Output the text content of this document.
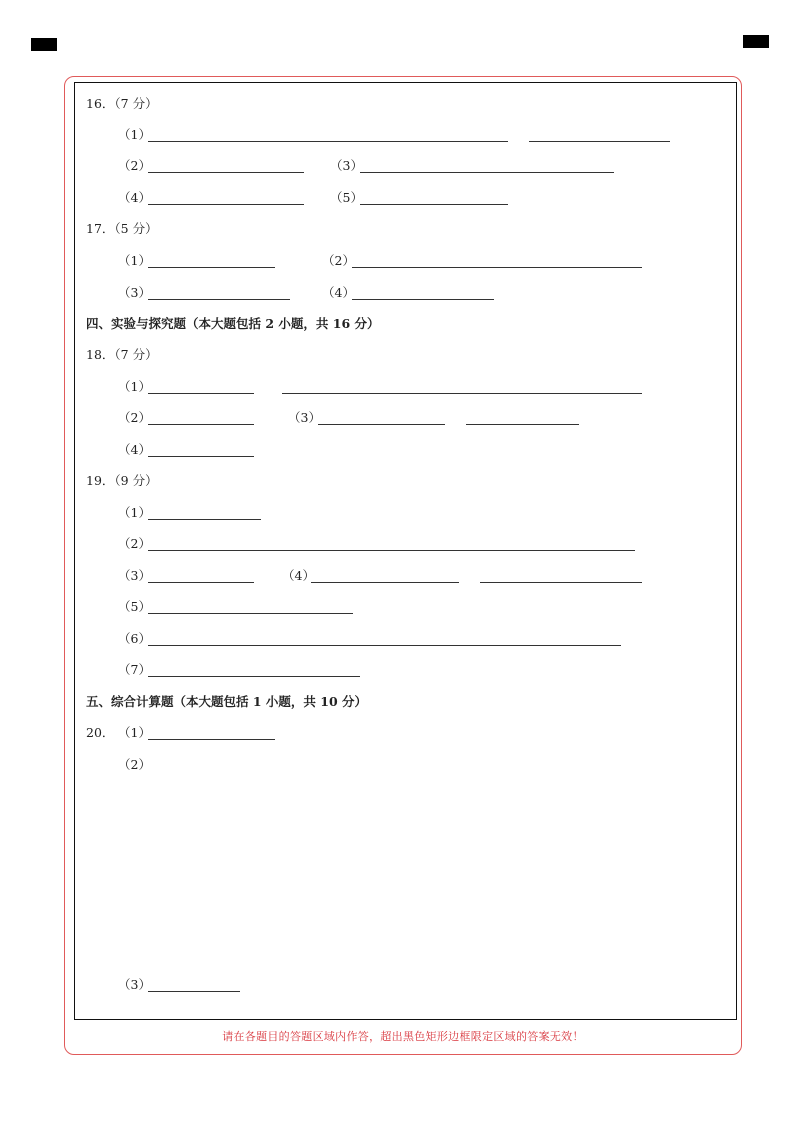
16．（7 分）
（1）
（2）	（3）
（4）	（5）
17．（5 分）
（1）	（2）
（3）	（4）
四、实验与探究题（本大题包括 2 小题，共 16 分）
18．（7 分）
（1）
（2）	（3）
（4）
19．（9 分）
（1）
（2）
（3）	（4）
（5）
（6）
（7）
五、综合计算题（本大题包括 1 小题，共 10 分）
20． （1）
（2）
（3）
请在各题目的答题区域内作答，超出黑色矩形边框限定区域的答案无效！
